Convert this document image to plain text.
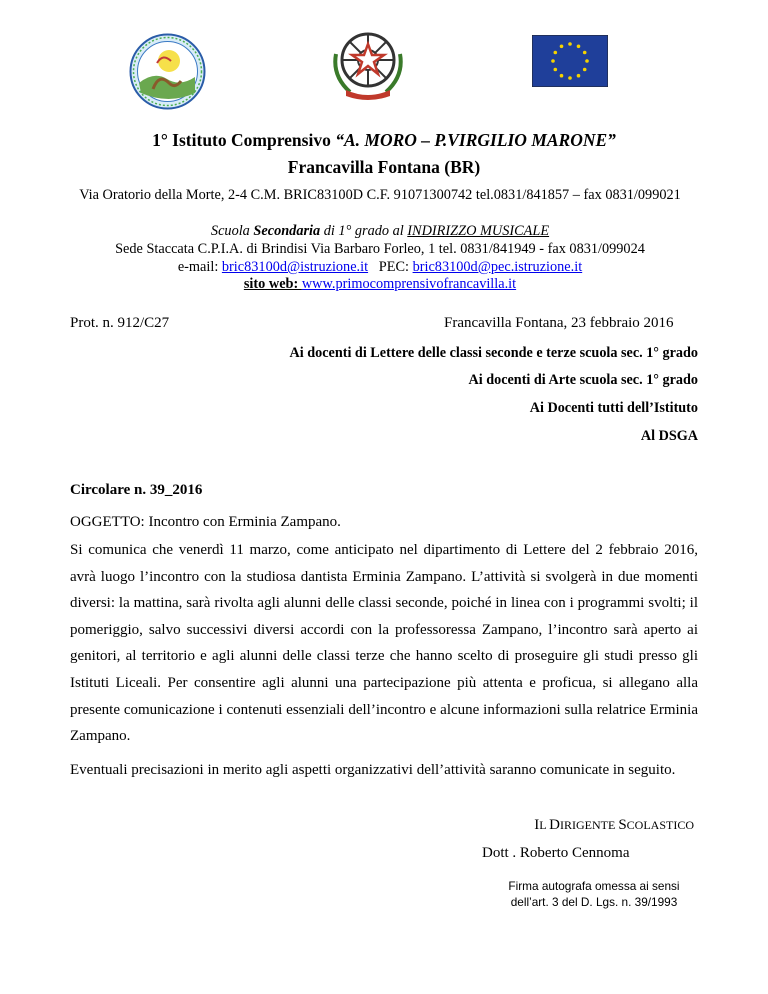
1° Istituto Comprensivo “A. MORO – P.VIRGILIO MARONE”
Francavilla Fontana (BR)
Via Oratorio della Morte, 2-4 C.M. BRIC83100D C.F. 91071300742 tel.0831/841857 – fax 0831/099021
Scuola Secondaria di 1° grado al INDIRIZZO MUSICALE
Sede Staccata C.P.I.A. di Brindisi Via Barbaro Forleo, 1 tel. 0831/841949 - fax 0831/099024
e-mail: bric83100d@istruzione.it   PEC: bric83100d@pec.istruzione.it
sito web: www.primocomprensivofrancavilla.it
Prot. n. 912/C27	Francavilla Fontana, 23 febbraio 2016
Ai docenti di Lettere delle classi seconde e terze scuola sec. 1° grado
Ai docenti di Arte scuola sec. 1° grado
Ai Docenti tutti dell’Istituto
Al DSGA
Circolare n. 39_2016
OGGETTO: Incontro con Erminia Zampano.
Si comunica che venerdì 11 marzo, come anticipato nel dipartimento di Lettere del 2 febbraio 2016, avrà luogo l’incontro con la studiosa dantista Erminia Zampano. L’attività si svolgerà in due momenti diversi: la mattina, sarà rivolta agli alunni delle classi seconde, poiché in linea con i programmi svolti; il pomeriggio, salvo successivi diversi accordi con la professoressa Zampano, l’incontro sarà aperto ai genitori, al territorio e agli alunni delle classi terze che hanno scelto di proseguire gli studi presso gli Istituti Liceali. Per consentire agli alunni una partecipazione più attenta e proficua, si allegano alla presente comunicazione i contenuti essenziali dell’incontro e alcune informazioni sulla relatrice Erminia Zampano.
Eventuali precisazioni in merito agli aspetti organizzativi dell’attività saranno comunicate in seguito.
IL DIRIGENTE SCOLASTICO
Dott . Roberto Cennoma
Firma autografa omessa ai sensi
dell’art. 3 del D. Lgs. n. 39/1993
